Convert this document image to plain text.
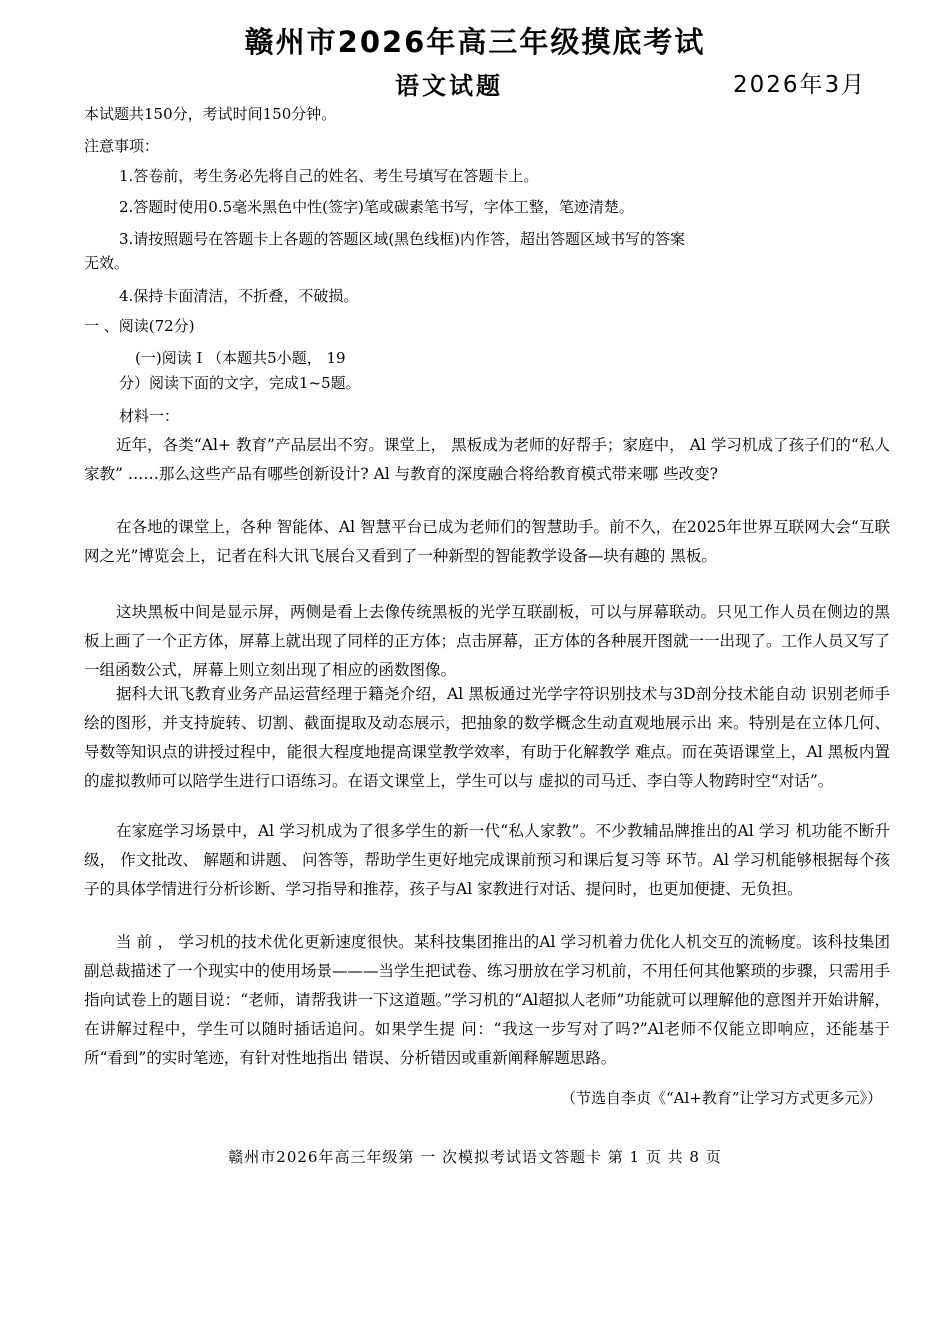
赣州市2026年高三年级摸底考试
语文试题	2026年3月
本试题共150分，考试时间150分钟。
注意事项：
1.答卷前，考生务必先将自己的姓名、考生号填写在答题卡上。
2.答题时使用0.5毫米黑色中性(签字)笔或碳素笔书写，字体工整，笔迹清楚。
3.请按照题号在答题卡上各题的答题区域(黑色线框)内作答，超出答题区域书写的答案
无效。
4.保持卡面清洁，不折叠，不破损。
一 、阅读(72分)
(一)阅读 I （本题共5小题， 19
分）阅读下面的文字，完成1~5题。
材料一：

近年，各类“Al+ 教育”产品层出不穷。课堂上， 黑板成为老师的好帮手；家庭中， Al 学习机成了孩子们的“私人家教” ……那么这些产品有哪些创新设计? Al 与教育的深度融合将给教育模式带来哪 些改变?

在各地的课堂上，各种 智能体、Al 智慧平台已成为老师们的智慧助手。前不久，在2025年世界互联网大会“互联网之光”博览会上，记者在科大讯飞展台又看到了一种新型的智能教学设备—块有趣的 黑板。

这块黑板中间是显示屏，两侧是看上去像传统黑板的光学互联副板，可以与屏幕联动。只见工作人员在侧边的黑板上画了一个正方体，屏幕上就出现了同样的正方体；点击屏幕，正方体的各种展开图就一一出现了。工作人员又写了一组函数公式，屏幕上则立刻出现了相应的函数图像。

据科大讯飞教育业务产品运营经理于籍尧介绍，Al 黑板通过光学字符识别技术与3D剖分技术能自动 识别老师手绘的图形，并支持旋转、切割、截面提取及动态展示，把抽象的数学概念生动直观地展示出 来。特别是在立体几何、导数等知识点的讲授过程中，能很大程度地提高课堂教学效率，有助于化解教学 难点。而在英语课堂上，Al 黑板内置的虚拟教师可以陪学生进行口语练习。在语文课堂上，学生可以与 虚拟的司马迁、李白等人物跨时空“对话”。

在家庭学习场景中，Al 学习机成为了很多学生的新一代“私人家教”。不少教辅品牌推出的Al 学习 机功能不断升级， 作文批改、 解题和讲题、 问答等，帮助学生更好地完成课前预习和课后复习等 环节。Al 学习机能够根据每个孩子的具体学情进行分析诊断、学习指导和推荐，孩子与Al 家教进行对话、提问时，也更加便捷、无负担。

当 前 ， 学习机的技术优化更新速度很快。某科技集团推出的Al 学习机着力优化人机交互的流畅度。该科技集团副总裁描述了一个现实中的使用场景———当学生把试卷、练习册放在学习机前，不用任何其他繁琐的步骤，只需用手指向试卷上的题目说：“老师，请帮我讲一下这道题。”学习机的“Al超拟人老师”功能就可以理解他的意图并开始讲解，在讲解过程中，学生可以随时插话追问。如果学生提 问：“我这一步写对了吗?”Al老师不仅能立即响应，还能基于所“看到”的实时笔迹，有针对性地指出 错误、分析错因或重新阐释解题思路。

（节选自李贞《“Al+教育”让学习方式更多元》）
赣州市2026年高三年级第 一 次模拟考试语文答题卡 第 1 页 共 8 页
